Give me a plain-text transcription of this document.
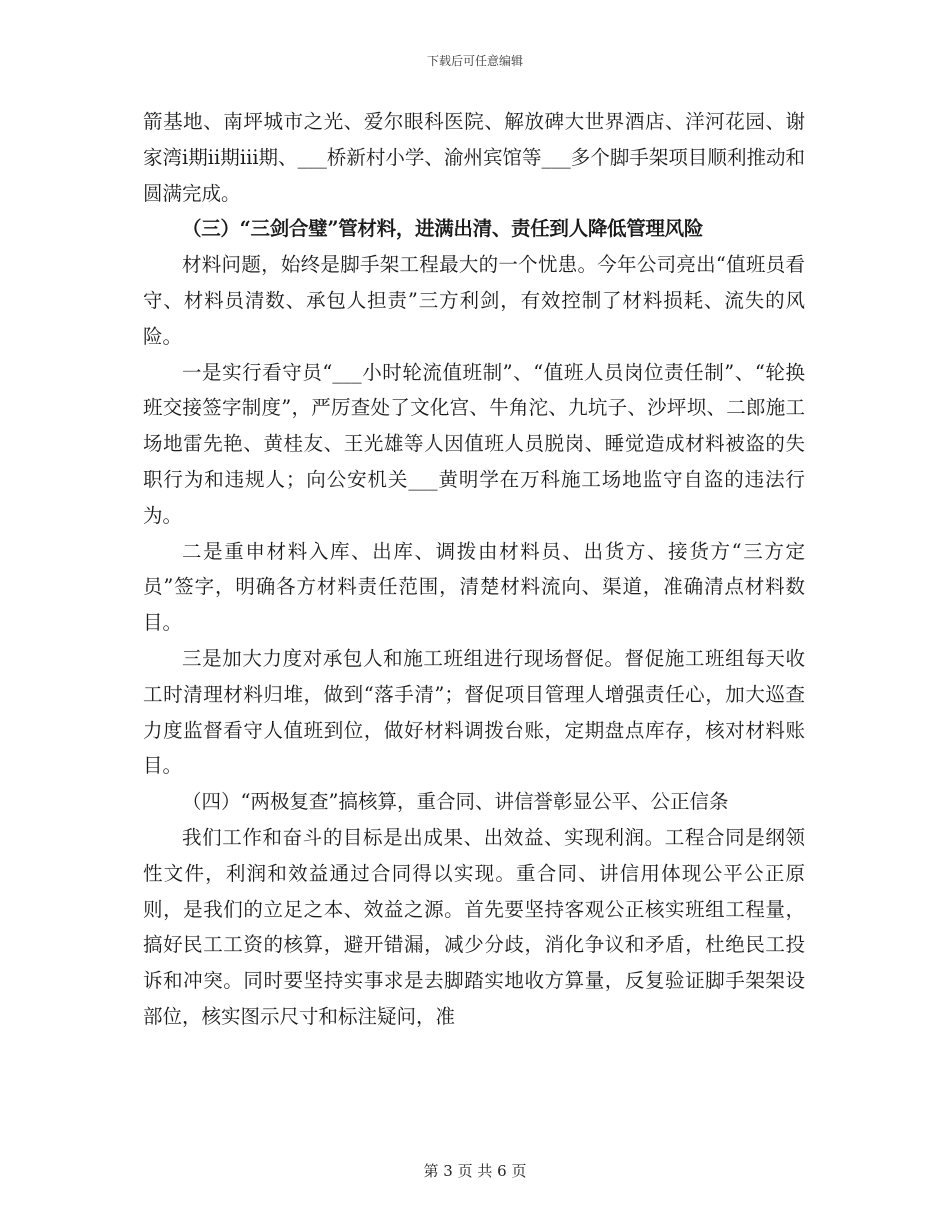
下载后可任意编辑

箭基地、南坪城市之光、爱尔眼科医院、解放碑大世界酒店、洋河花园、谢家湾ⅰ期ⅱ期ⅲ期、___桥新村小学、渝州宾馆等___多个脚手架项目顺利推动和圆满完成。

（三）“三剑合璧”管材料，进满出清、责任到人降低管理风险

材料问题，始终是脚手架工程最大的一个忧患。今年公司亮出“值班员看守、材料员清数、承包人担责”三方利剑，有效控制了材料损耗、流失的风险。

一是实行看守员“___小时轮流值班制”、“值班人员岗位责任制”、“轮换班交接签字制度”，严厉查处了文化宫、牛角沱、九坑子、沙坪坝、二郎施工场地雷先艳、黄桂友、王光雄等人因值班人员脱岗、睡觉造成材料被盗的失职行为和违规人；向公安机关___黄明学在万科施工场地监守自盗的违法行为。

二是重申材料入库、出库、调拨由材料员、出货方、接货方“三方定员”签字，明确各方材料责任范围，清楚材料流向、渠道，准确清点材料数目。

三是加大力度对承包人和施工班组进行现场督促。督促施工班组每天收工时清理材料归堆，做到“落手清”；督促项目管理人增强责任心，加大巡查力度监督看守人值班到位，做好材料调拨台账，定期盘点库存，核对材料账目。

（四）“两极复查”搞核算，重合同、讲信誉彰显公平、公正信条

我们工作和奋斗的目标是出成果、出效益、实现利润。工程合同是纲领性文件，利润和效益通过合同得以实现。重合同、讲信用体现公平公正原则，是我们的立足之本、效益之源。首先要坚持客观公正核实班组工程量，搞好民工工资的核算，避开错漏，减少分歧，消化争议和矛盾，杜绝民工投诉和冲突。同时要坚持实事求是去脚踏实地收方算量，反复验证脚手架架设部位，核实图示尺寸和标注疑问，准

第 3 页 共 6 页
